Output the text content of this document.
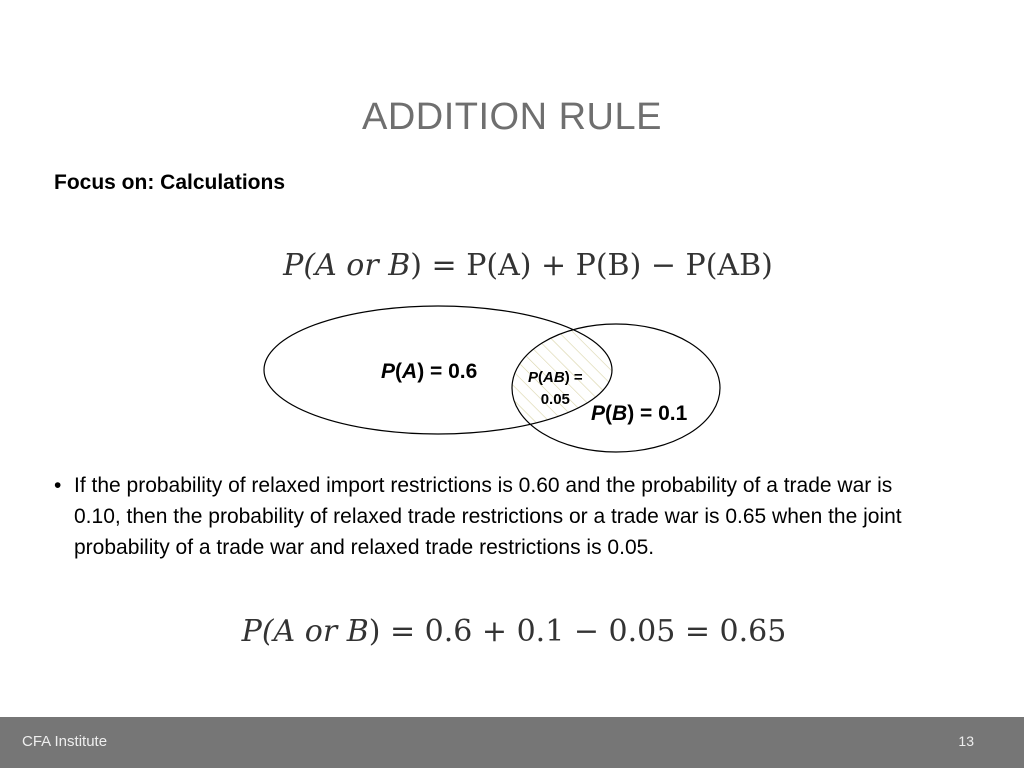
ADDITION RULE
Focus on: Calculations
P(A or B) = P(A) + P(B) − P(AB)
P(A) = 0.6	P(AB) =
0.05
P(B) = 0.1
• If the probability of relaxed import restrictions is 0.60 and the probability of a trade war is 0.10, then the probability of relaxed trade restrictions or a trade war is 0.65 when the joint probability of a trade war and relaxed trade restrictions is 0.05.
P(A or B) = 0.6 + 0.1 − 0.05 = 0.65
CFA Institute	13
